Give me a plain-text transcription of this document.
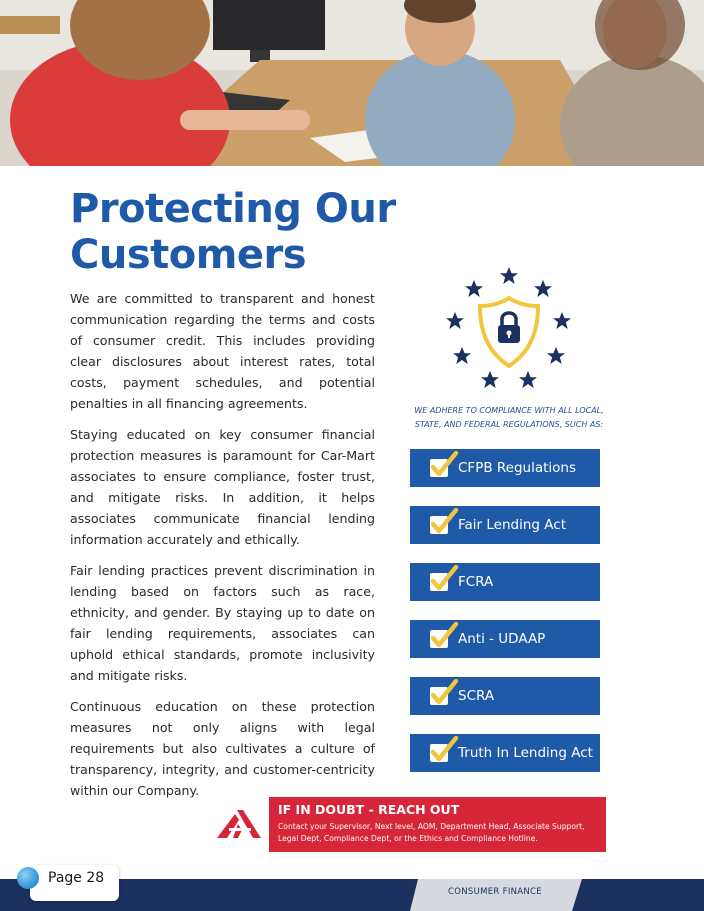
Protecting Our
Customers

We are committed to transparent and honest communication regarding the terms and costs of consumer credit. This includes providing clear disclosures about interest rates, total costs, payment schedules, and potential penalties in all financing agreements.

Staying educated on key consumer financial protection measures is paramount for Car-Mart associates to ensure compliance, foster trust, and mitigate risks. In addition, it helps associates communicate financial lending information accurately and ethically.

Fair lending practices prevent discrimination in lending based on factors such as race, ethnicity, and gender. By staying up to date on fair lending requirements, associates can uphold ethical standards, promote inclusivity and mitigate risks.

Continuous education on these protection measures not only aligns with legal requirements but also cultivates a culture of transparency, integrity, and customer-centricity within our Company.

WE ADHERE TO COMPLIANCE WITH ALL LOCAL,
STATE, AND FEDERAL REGULATIONS, SUCH AS:
CFPB Regulations
Fair Lending Act
FCRA
Anti - UDAAP
SCRA
Truth In Lending Act
IF IN DOUBT - REACH OUT
Contact your Supervisor, Next level, AOM, Department Head, Associate Support, Legal Dept, Compliance Dept, or the Ethics and Compliance Hotline.
CONSUMER FINANCE
Page 28
